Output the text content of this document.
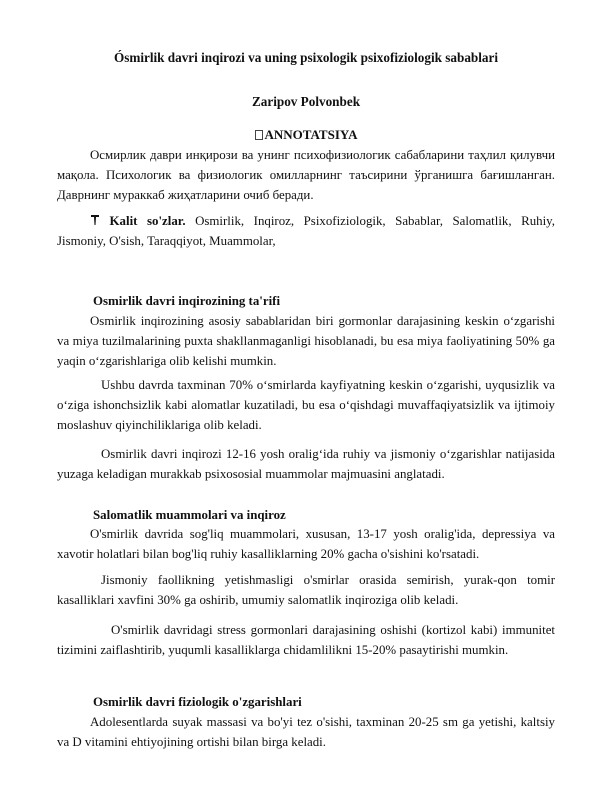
Ósmirlik davri inqirozi va uning psixologik psixofiziologik sabablari
Zaripov Polvonbek
ANNOTATSIYA

Осмирлик даври инқирози ва унинг психофизиологик сабабларини таҳлил қилувчи мақола. Психологик ва физиологик омилларнинг таъсирини ўрганишга бағишланган. Даврнинг мураккаб жиҳатларини очиб беради.

Kalit so'zlar. Osmirlik, Inqiroz, Psixofiziologik, Sabablar, Salomatlik, Ruhiy, Jismoniy, O'sish, Taraqqiyot, Muammolar,

Osmirlik davri inqirozining ta'rifi

Osmirlik inqirozining asosiy sabablaridan biri gormonlar darajasining keskin o‘zgarishi va miya tuzilmalarining puxta shakllanmaganligi hisoblanadi, bu esa miya faoliyatining 50% ga yaqin o‘zgarishlariga olib kelishi mumkin.

Ushbu davrda taxminan 70% o‘smirlarda kayfiyatning keskin o‘zgarishi, uyqusizlik va o‘ziga ishonchsizlik kabi alomatlar kuzatiladi, bu esa o‘qishdagi muvaffaqiyatsizlik va ijtimoiy moslashuv qiyinchiliklariga olib keladi.

Osmirlik davri inqirozi 12-16 yosh oralig‘ida ruhiy va jismoniy o‘zgarishlar natijasida yuzaga keladigan murakkab psixososial muammolar majmuasini anglatadi.

Salomatlik muammolari va inqiroz

O'smirlik davrida sog'liq muammolari, xususan, 13-17 yosh oralig'ida, depressiya va xavotir holatlari bilan bog'liq ruhiy kasalliklarning 20% gacha o'sishini ko'rsatadi.

Jismoniy faollikning yetishmasligi o'smirlar orasida semirish, yurak-qon tomir kasalliklari xavfini 30% ga oshirib, umumiy salomatlik inqiroziga olib keladi.

O'smirlik davridagi stress gormonlari darajasining oshishi (kortizol kabi) immunitet tizimini zaiflashtirib, yuqumli kasalliklarga chidamlilikni 15-20% pasaytirishi mumkin.

Osmirlik davri fiziologik o'zgarishlari

Adolesentlarda suyak massasi va bo'yi tez o'sishi, taxminan 20-25 sm ga yetishi, kaltsiy va D vitamini ehtiyojining ortishi bilan birga keladi.
